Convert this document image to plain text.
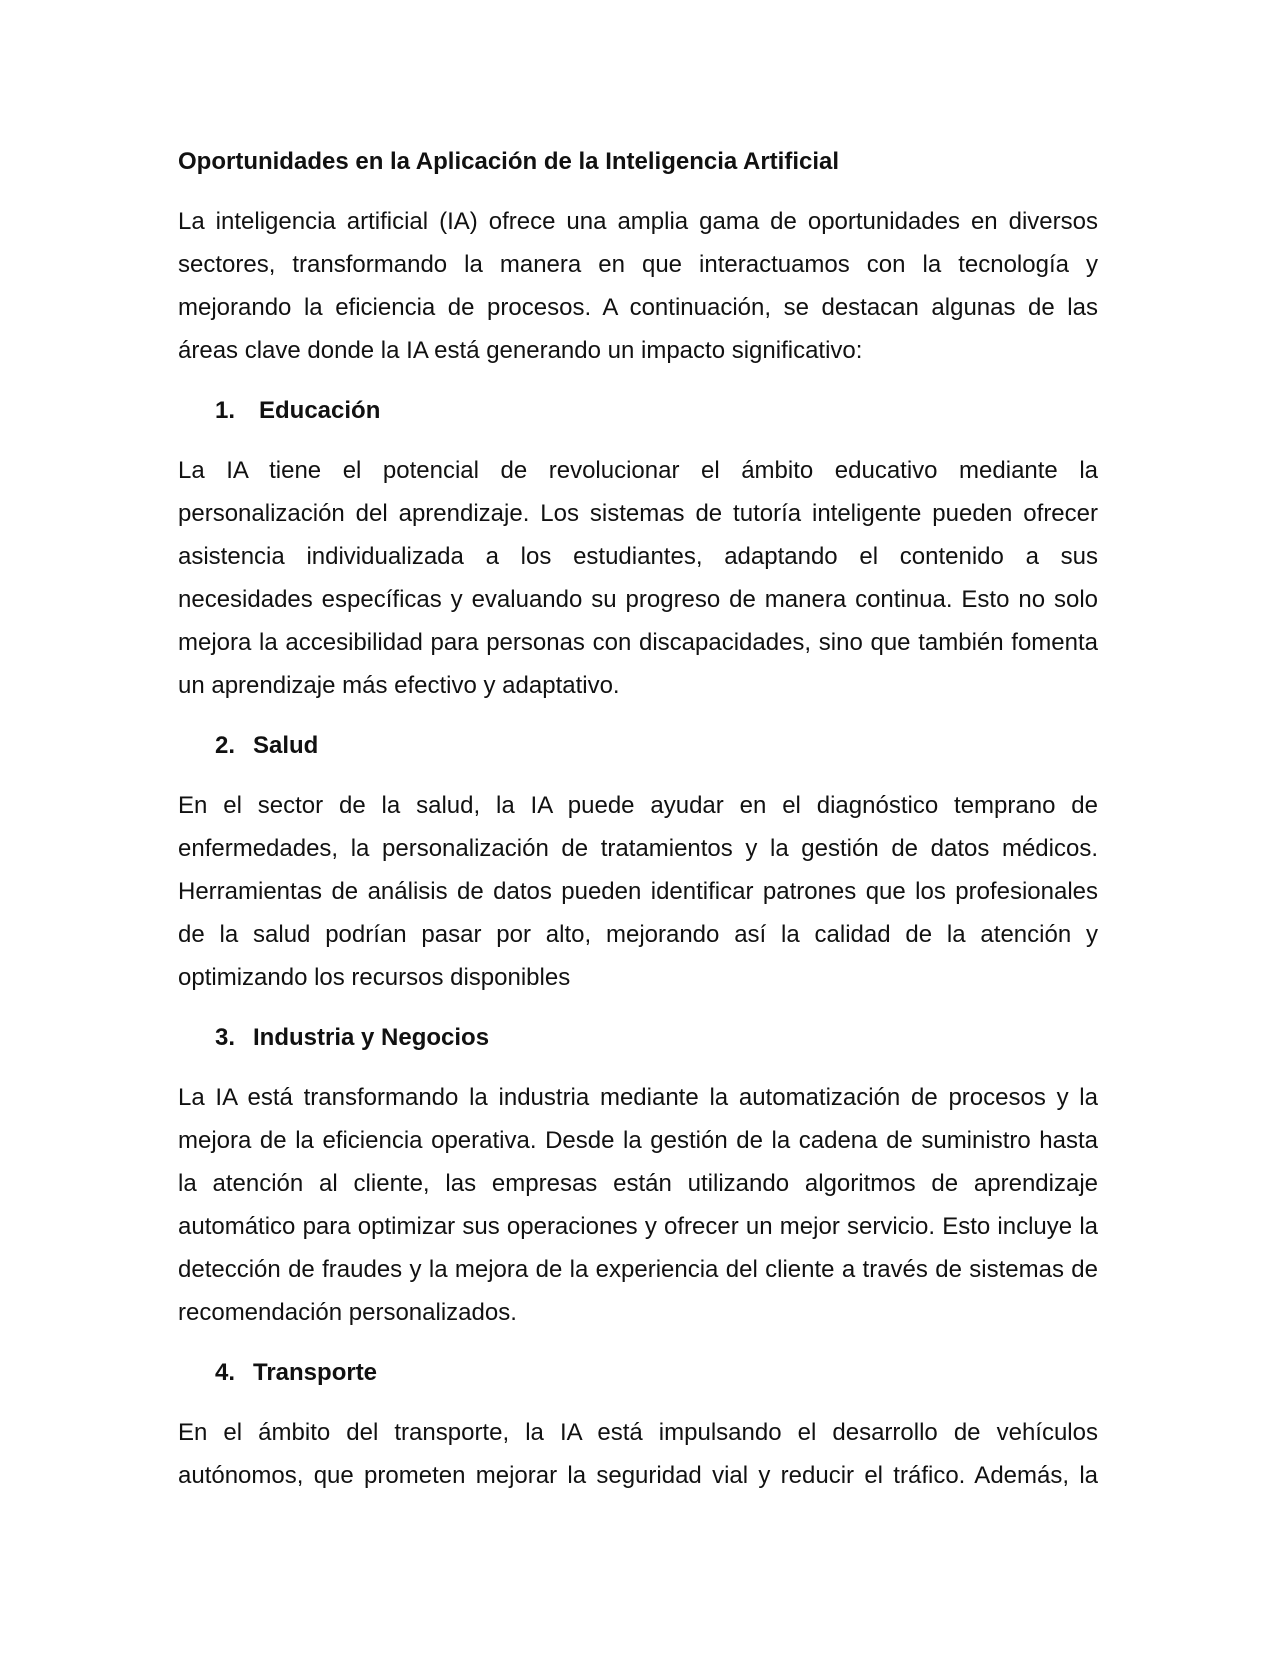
Oportunidades en la Aplicación de la Inteligencia Artificial

La inteligencia artificial (IA) ofrece una amplia gama de oportunidades en diversos sectores, transformando la manera en que interactuamos con la tecnología y mejorando la eficiencia de procesos. A continuación, se destacan algunas de las áreas clave donde la IA está generando un impacto significativo:

1. Educación

La IA tiene el potencial de revolucionar el ámbito educativo mediante la personalización del aprendizaje. Los sistemas de tutoría inteligente pueden ofrecer asistencia individualizada a los estudiantes, adaptando el contenido a sus necesidades específicas y evaluando su progreso de manera continua. Esto no solo mejora la accesibilidad para personas con discapacidades, sino que también fomenta un aprendizaje más efectivo y adaptativo.

2. Salud

En el sector de la salud, la IA puede ayudar en el diagnóstico temprano de enfermedades, la personalización de tratamientos y la gestión de datos médicos. Herramientas de análisis de datos pueden identificar patrones que los profesionales de la salud podrían pasar por alto, mejorando así la calidad de la atención y optimizando los recursos disponibles

3. Industria y Negocios

La IA está transformando la industria mediante la automatización de procesos y la mejora de la eficiencia operativa. Desde la gestión de la cadena de suministro hasta la atención al cliente, las empresas están utilizando algoritmos de aprendizaje automático para optimizar sus operaciones y ofrecer un mejor servicio. Esto incluye la detección de fraudes y la mejora de la experiencia del cliente a través de sistemas de recomendación personalizados.

4. Transporte

En el ámbito del transporte, la IA está impulsando el desarrollo de vehículos autónomos, que prometen mejorar la seguridad vial y reducir el tráfico. Además, la
